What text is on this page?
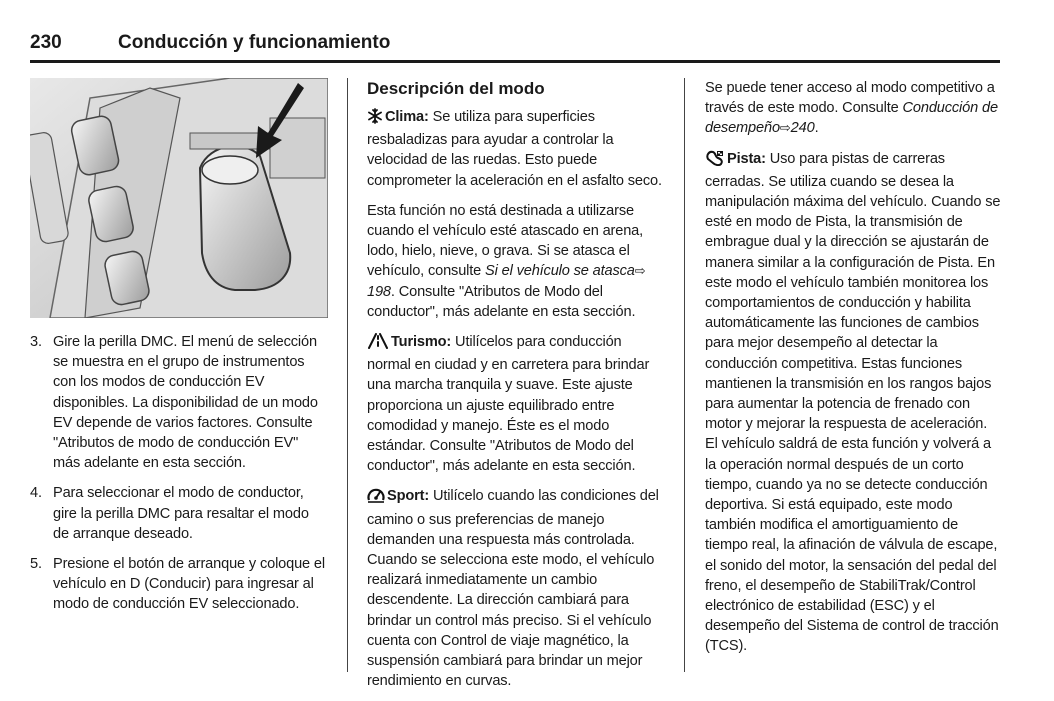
230	Conducción y funcionamiento
3. Gire la perilla DMC. El menú de selección se muestra en el grupo de instrumentos con los modos de conducción EV disponibles. La disponibilidad de un modo EV depende de varios factores. Consulte "Atributos de modo de conducción EV" más adelante en esta sección.
4. Para seleccionar el modo de conductor, gire la perilla DMC para resaltar el modo de arranque deseado.
5. Presione el botón de arranque y coloque el vehículo en D (Conducir) para ingresar al modo de conducción EV seleccionado.
Descripción del modo

Clima: Se utiliza para superficies resbaladizas para ayudar a controlar la velocidad de las ruedas. Esto puede comprometer la aceleración en el asfalto seco.

Esta función no está destinada a utilizarse cuando el vehículo esté atascado en arena, lodo, hielo, nieve, o grava. Si se atasca el vehículo, consulte Si el vehículo se atasca⇨198. Consulte "Atributos de Modo del conductor", más adelante en esta sección.

Turismo: Utilícelos para conducción normal en ciudad y en carretera para brindar una marcha tranquila y suave. Este ajuste proporciona un ajuste equilibrado entre comodidad y manejo. Éste es el modo estándar. Consulte "Atributos de Modo del conductor", más adelante en esta sección.

Sport: Utilícelo cuando las condiciones del camino o sus preferencias de manejo demanden una respuesta más controlada. Cuando se selecciona este modo, el vehículo realizará inmediatamente un cambio descendente. La dirección cambiará para brindar un control más preciso. Si el vehículo cuenta con Control de viaje magnético, la suspensión cambiará para brindar un mejor rendimiento en curvas.

Se puede tener acceso al modo competitivo a través de este modo. Consulte Conducción de desempeño⇨240.

Pista: Uso para pistas de carreras cerradas. Se utiliza cuando se desea la manipulación máxima del vehículo. Cuando se esté en modo de Pista, la transmisión de embrague dual y la dirección se ajustarán de manera similar a la configuración de Pista. En este modo el vehículo también monitorea los comportamientos de conducción y habilita automáticamente las funciones de cambios para mejor desempeño al detectar la conducción competitiva. Estas funciones mantienen la transmisión en los rangos bajos para aumentar la potencia de frenado con motor y mejorar la respuesta de aceleración. El vehículo saldrá de esta función y volverá a la operación normal después de un corto tiempo, cuando ya no se detecte conducción deportiva. Si está equipado, este modo también modifica el amortiguamiento de tiempo real, la afinación de válvula de escape, el sonido del motor, la sensación del pedal del freno, el desempeño de StabiliTrak/Control electrónico de estabilidad (ESC) y el desempeño del Sistema de control de tracción (TCS).
